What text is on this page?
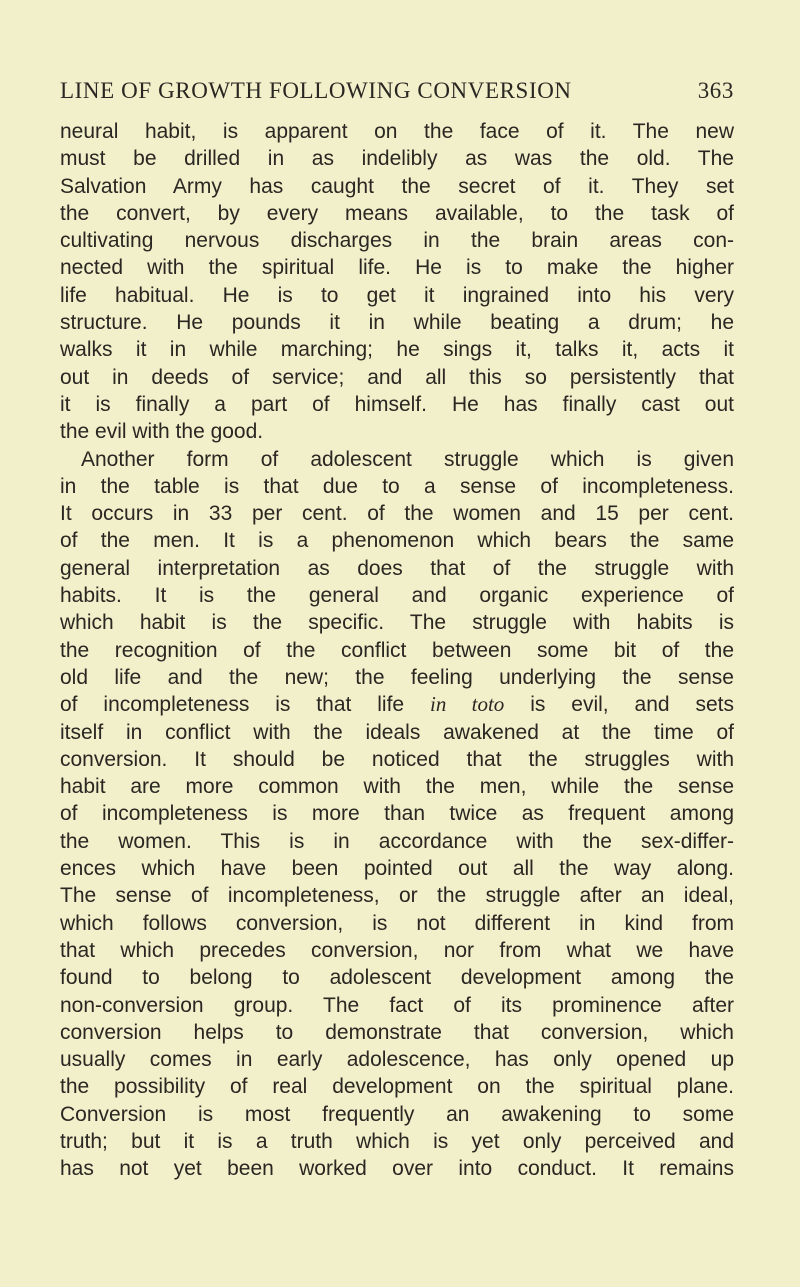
LINE OF GROWTH FOLLOWING CONVERSION	363
neural habit, is apparent on the face of it. The new
must be drilled in as indelibly as was the old. The
Salvation Army has caught the secret of it. They set
the convert, by every means available, to the task of
cultivating nervous discharges in the brain areas con-
nected with the spiritual life. He is to make the higher
life habitual. He is to get it ingrained into his very
structure. He pounds it in while beating a drum; he
walks it in while marching; he sings it, talks it, acts it
out in deeds of service; and all this so persistently that
it is finally a part of himself. He has finally cast out
the evil with the good.
Another form of adolescent struggle which is given
in the table is that due to a sense of incompleteness.
It occurs in 33 per cent. of the women and 15 per cent.
of the men. It is a phenomenon which bears the same
general interpretation as does that of the struggle with
habits. It is the general and organic experience of
which habit is the specific. The struggle with habits is
the recognition of the conflict between some bit of the
old life and the new; the feeling underlying the sense
of incompleteness is that life in toto is evil, and sets
itself in conflict with the ideals awakened at the time of
conversion. It should be noticed that the struggles with
habit are more common with the men, while the sense
of incompleteness is more than twice as frequent among
the women. This is in accordance with the sex-differ-
ences which have been pointed out all the way along.
The sense of incompleteness, or the struggle after an ideal,
which follows conversion, is not different in kind from
that which precedes conversion, nor from what we have
found to belong to adolescent development among the
non-conversion group. The fact of its prominence after
conversion helps to demonstrate that conversion, which
usually comes in early adolescence, has only opened up
the possibility of real development on the spiritual plane.
Conversion is most frequently an awakening to some
truth; but it is a truth which is yet only perceived and
has not yet been worked over into conduct. It remains
